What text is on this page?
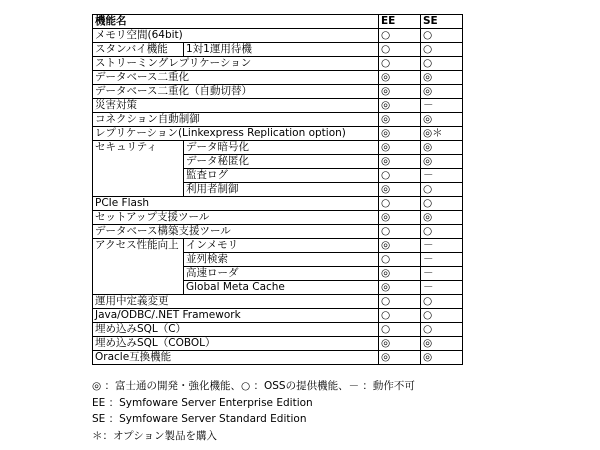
機能名		EE	SE
メモリ空間(64bit)		○	○
スタンバイ機能	1対1運用待機	○	○
ストリーミングレプリケーション		○	○
データベース二重化		◎	◎
データベース二重化（自動切替）		◎	◎
災害対策		◎	－
コネクション自動制御		◎	◎
レプリケーション(Linkexpress Replication option)		◎	◎＊
セキュリティ	データ暗号化	◎	◎
	データ秘匿化	◎	◎
	監査ログ	○	－
	利用者制御	◎	○
PCIe Flash		○	○
セットアップ支援ツール		◎	◎
データベース構築支援ツール		○	○
アクセス性能向上	インメモリ	◎	－
	並列検索	○	－
	高速ローダ	◎	－
	Global Meta Cache	◎	－
運用中定義変更		○	○
Java/ODBC/.NET Framework		○	○
埋め込みSQL（C）		○	○
埋め込みSQL（COBOL）		◎	◎
Oracle互換機能		◎	◎
◎ ：富士通の開発・強化機能、○ ：OSSの提供機能、－ ：動作不可
EE ：Symfoware Server Enterprise Edition
SE ：Symfoware Server Standard Edition
＊：オプション製品を購入
